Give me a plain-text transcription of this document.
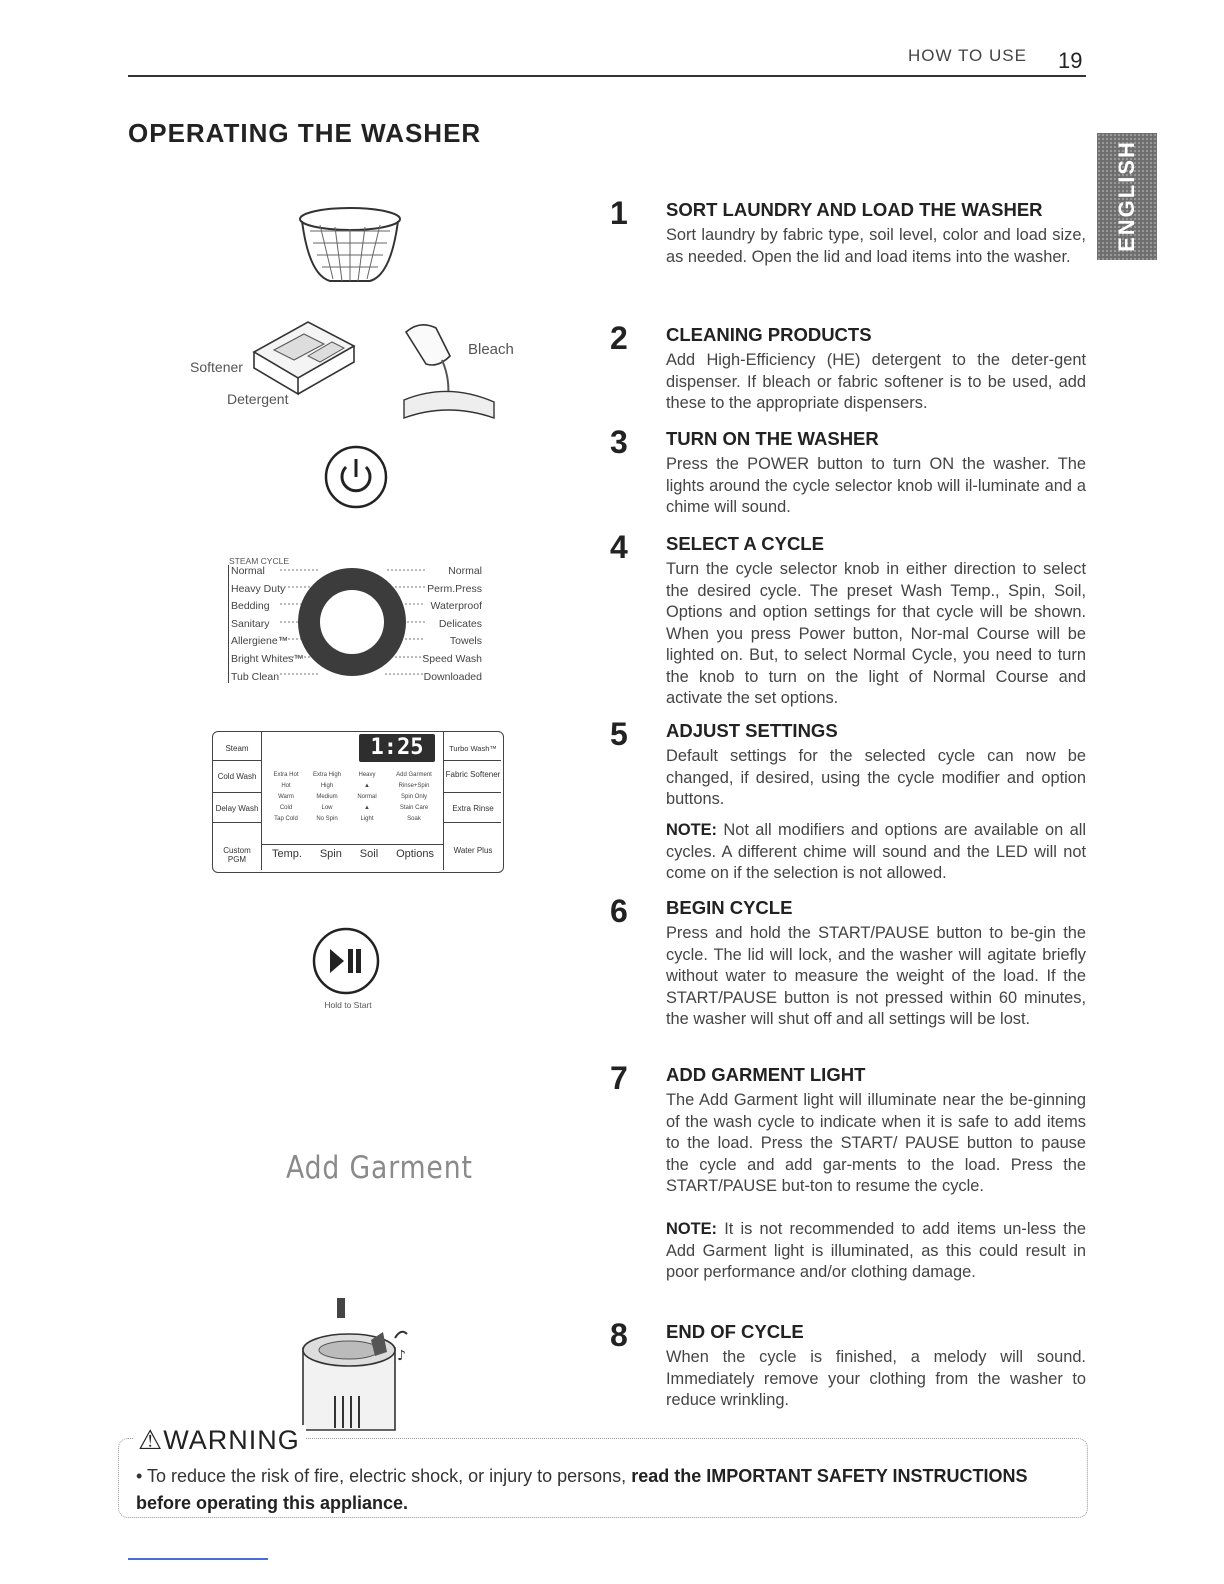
HOW TO USE 19
OPERATING THE WASHER
ENGLISH
1	SORT LAUNDRY AND LOAD THE WASHER
Sort laundry by fabric type, soil level, color and load size, as needed. Open the lid and load items into the washer.
2	CLEANING PRODUCTS
Add High-Efficiency (HE) detergent to the deter-gent dispenser. If bleach or fabric softener is to be used, add these to the appropriate dispensers.
3	TURN ON THE WASHER
Press the POWER button to turn ON the washer. The lights around the cycle selector knob will il-luminate and a chime will sound.
4	SELECT A CYCLE
Turn the cycle selector knob in either direction to select the desired cycle. The preset Wash Temp., Spin, Soil, Options and option settings for that cycle will be shown. When you press Power button, Nor-mal Course will be lighted on. But, to select Normal Cycle, you need to turn the knob to turn on the light of Normal Course and activate the set options.
5	ADJUST SETTINGS
Default settings for the selected cycle can now be changed, if desired, using the cycle modifier and option buttons.
NOTE: Not all modifiers and options are available on all cycles. A different chime will sound and the LED will not come on if the selection is not allowed.
6	BEGIN CYCLE
Press and hold the START/PAUSE button to be-gin the cycle. The lid will lock, and the washer will agitate briefly without water to measure the weight of the load. If the START/PAUSE button is not pressed within 60 minutes, the washer will shut off and all settings will be lost.
7	ADD GARMENT LIGHT
The Add Garment light will illuminate near the be-ginning of the wash cycle to indicate when it is safe to add items to the load. Press the START/ PAUSE button to pause the cycle and add gar-ments to the load. Press the START/PAUSE but-ton to resume the cycle.
NOTE: It is not recommended to add items un-less the Add Garment light is illuminated, as this could result in poor performance and/or clothing damage.
8	END OF CYCLE
When the cycle is finished, a melody will sound. Immediately remove your clothing from the washer to reduce wrinkling.
Softener
Detergent
Bleach
STEAM CYCLE
Normal
Heavy Duty
Bedding
Sanitary
Allergiene™
Bright Whites™
Tub Clean
Normal
Perm.Press
Waterproof
Delicates
Towels
Speed Wash
Downloaded
Steam
Cold Wash
Delay Wash
Custom PGM
Turbo Wash™
Fabric Softener
Extra Rinse
Water Plus
1:25
Extra Hot
Hot
Warm
Cold
Tap Cold
Extra High
High
Medium
Low
No Spin
Heavy
▲
Normal
▲
Light
Add Garment
Rinse+Spin
Spin Only
Stain Care
Soak
Temp. Spin Soil Options
Hold to Start
Add Garment
♪
⚠WARNING
• To reduce the risk of fire, electric shock, or injury to persons, read the IMPORTANT SAFETY INSTRUCTIONS before operating this appliance.
